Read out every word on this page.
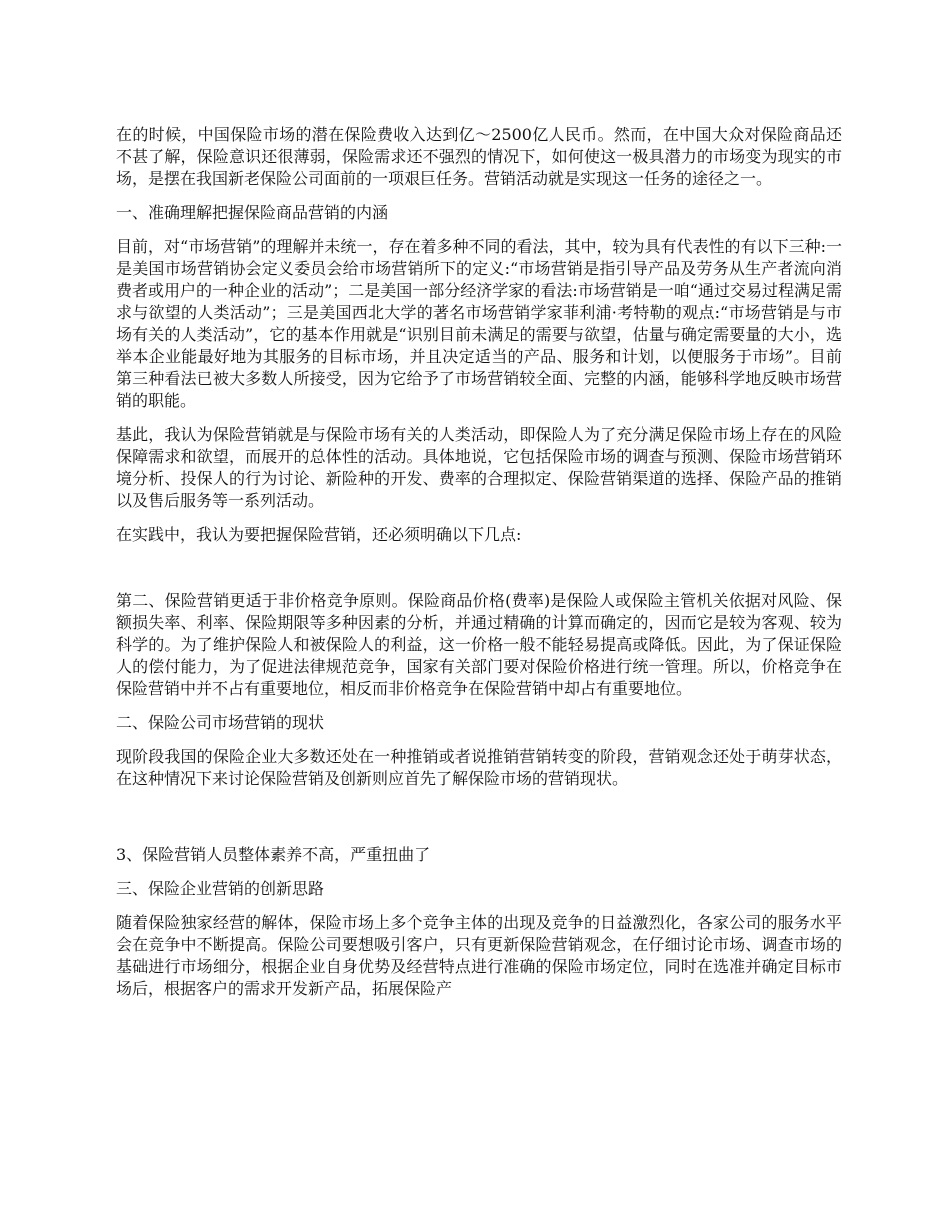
在的时候，中国保险市场的潜在保险费收入达到亿～2500亿人民币。然而，在中国大众对保险商品还不甚了解，保险意识还很薄弱，保险需求还不强烈的情况下，如何使这一极具潜力的市场变为现实的市场，是摆在我国新老保险公司面前的一项艰巨任务。营销活动就是实现这一任务的途径之一。

一、准确理解把握保险商品营销的内涵

目前，对“市场营销”的理解并未统一，存在着多种不同的看法，其中，较为具有代表性的有以下三种:一是美国市场营销协会定义委员会给市场营销所下的定义:“市场营销是指引导产品及劳务从生产者流向消费者或用户的一种企业的活动”；二是美国一部分经济学家的看法:市场营销是一咱“通过交易过程满足需求与欲望的人类活动”；三是美国西北大学的著名市场营销学家菲利浦·考特勒的观点:“市场营销是与市场有关的人类活动”，它的基本作用就是“识别目前未满足的需要与欲望，估量与确定需要量的大小，选举本企业能最好地为其服务的目标市场，并且决定适当的产品、服务和计划，以便服务于市场”。目前第三种看法已被大多数人所接受，因为它给予了市场营销较全面、完整的内涵，能够科学地反映市场营销的职能。

基此，我认为保险营销就是与保险市场有关的人类活动，即保险人为了充分满足保险市场上存在的风险保障需求和欲望，而展开的总体性的活动。具体地说，它包括保险市场的调查与预测、保险市场营销环境分析、投保人的行为讨论、新险种的开发、费率的合理拟定、保险营销渠道的选择、保险产品的推销以及售后服务等一系列活动。

在实践中，我认为要把握保险营销，还必须明确以下几点:

第二、保险营销更适于非价格竞争原则。保险商品价格(费率)是保险人或保险主管机关依据对风险、保额损失率、利率、保险期限等多种因素的分析，并通过精确的计算而确定的，因而它是较为客观、较为科学的。为了维护保险人和被保险人的利益，这一价格一般不能轻易提高或降低。因此，为了保证保险人的偿付能力，为了促进法律规范竞争，国家有关部门要对保险价格进行统一管理。所以，价格竞争在保险营销中并不占有重要地位，相反而非价格竞争在保险营销中却占有重要地位。

二、保险公司市场营销的现状

现阶段我国的保险企业大多数还处在一种推销或者说推销营销转变的阶段，营销观念还处于萌芽状态，在这种情况下来讨论保险营销及创新则应首先了解保险市场的营销现状。

3、保险营销人员整体素养不高，严重扭曲了

三、保险企业营销的创新思路

随着保险独家经营的解体，保险市场上多个竞争主体的出现及竞争的日益激烈化，各家公司的服务水平会在竞争中不断提高。保险公司要想吸引客户，只有更新保险营销观念，在仔细讨论市场、调查市场的基础进行市场细分，根据企业自身优势及经营特点进行准确的保险市场定位，同时在选准并确定目标市场后，根据客户的需求开发新产品，拓展保险产
